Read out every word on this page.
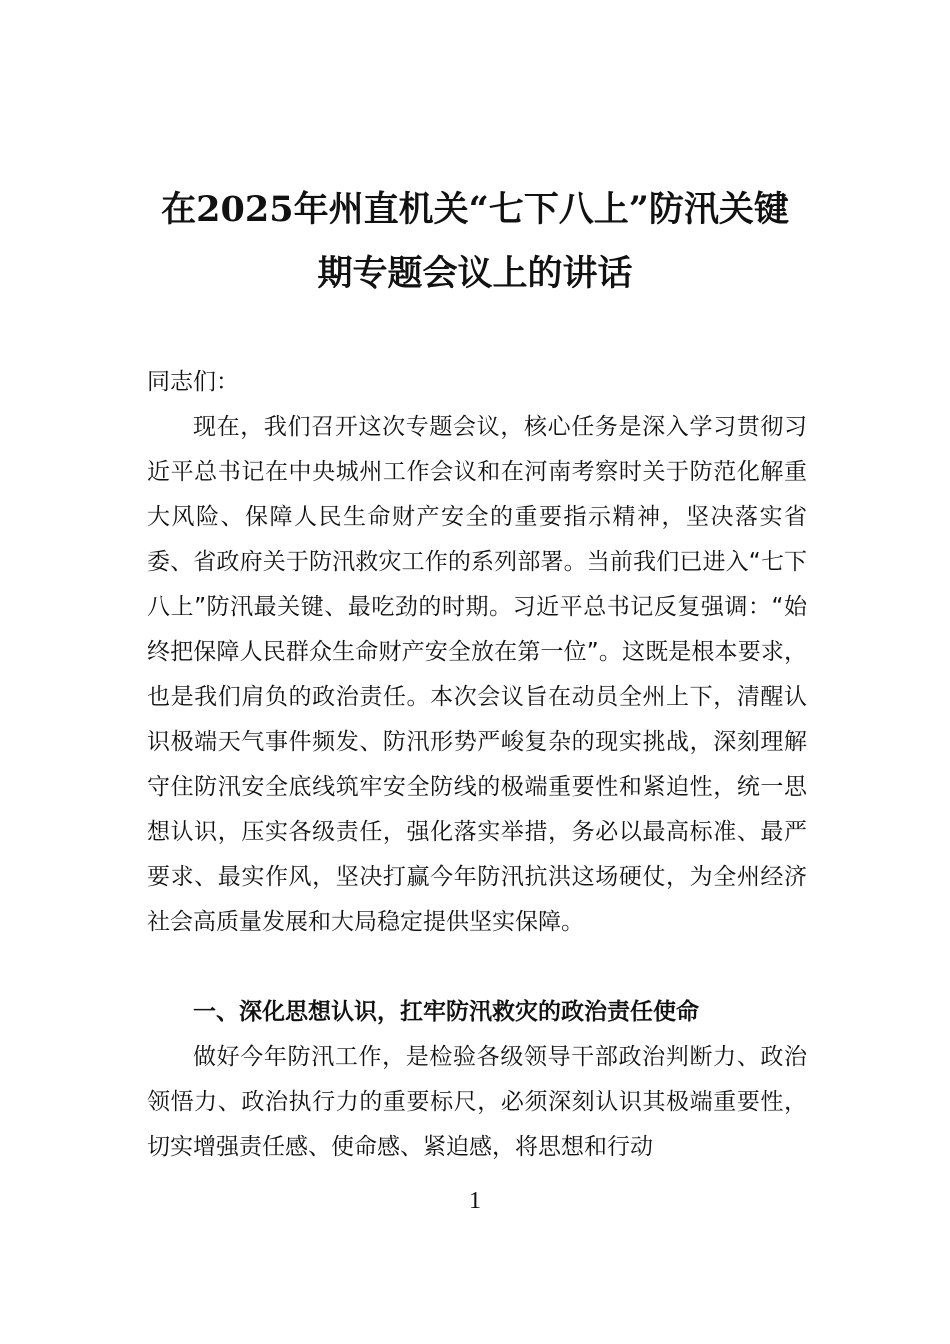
在2025年州直机关“七下八上”防汛关键
期专题会议上的讲话
同志们：

现在，我们召开这次专题会议，核心任务是深入学习贯彻习近平总书记在中央城州工作会议和在河南考察时关于防范化解重大风险、保障人民生命财产安全的重要指示精神，坚决落实省委、省政府关于防汛救灾工作的系列部署。当前我们已进入“七下八上”防汛最关键、最吃劲的时期。习近平总书记反复强调：“始终把保障人民群众生命财产安全放在第一位”。这既是根本要求，也是我们肩负的政治责任。本次会议旨在动员全州上下，清醒认识极端天气事件频发、防汛形势严峻复杂的现实挑战，深刻理解守住防汛安全底线筑牢安全防线的极端重要性和紧迫性，统一思想认识，压实各级责任，强化落实举措，务必以最高标准、最严要求、最实作风，坚决打赢今年防汛抗洪这场硬仗，为全州经济社会高质量发展和大局稳定提供坚实保障。

一、深化思想认识，扛牢防汛救灾的政治责任使命

做好今年防汛工作，是检验各级领导干部政治判断力、政治领悟力、政治执行力的重要标尺，必须深刻认识其极端重要性，切实增强责任感、使命感、紧迫感，将思想和行动

1
